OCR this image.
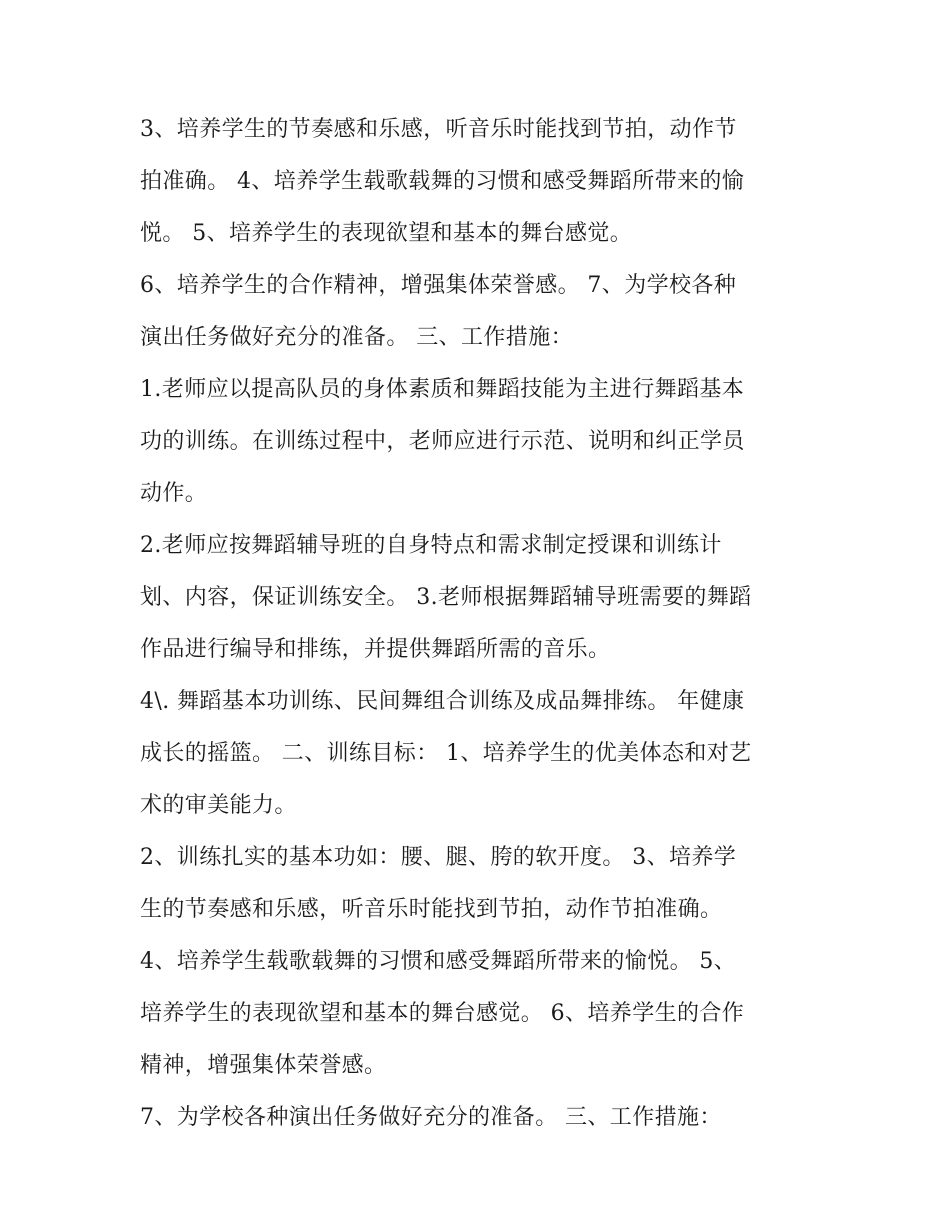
3、培养学生的节奏感和乐感，听音乐时能找到节拍，动作节
拍准确。 4、培养学生载歌载舞的习惯和感受舞蹈所带来的愉
悦。 5、培养学生的表现欲望和基本的舞台感觉。

6、培养学生的合作精神，增强集体荣誉感。 7、为学校各种
演出任务做好充分的准备。 三、工作措施：

1.老师应以提高队员的身体素质和舞蹈技能为主进行舞蹈基本
功的训练。在训练过程中，老师应进行示范、说明和纠正学员
动作。

2.老师应按舞蹈辅导班的自身特点和需求制定授课和训练计
划、内容，保证训练安全。 3.老师根据舞蹈辅导班需要的舞蹈
作品进行编导和排练，并提供舞蹈所需的音乐。

4\. 舞蹈基本功训练、民间舞组合训练及成品舞排练。 年健康
成长的摇篮。 二、训练目标： 1、培养学生的优美体态和对艺
术的审美能力。

2、训练扎实的基本功如：腰、腿、胯的软开度。 3、培养学
生的节奏感和乐感，听音乐时能找到节拍，动作节拍准确。

4、培养学生载歌载舞的习惯和感受舞蹈所带来的愉悦。 5、
培养学生的表现欲望和基本的舞台感觉。 6、培养学生的合作
精神，增强集体荣誉感。

7、为学校各种演出任务做好充分的准备。 三、工作措施：
